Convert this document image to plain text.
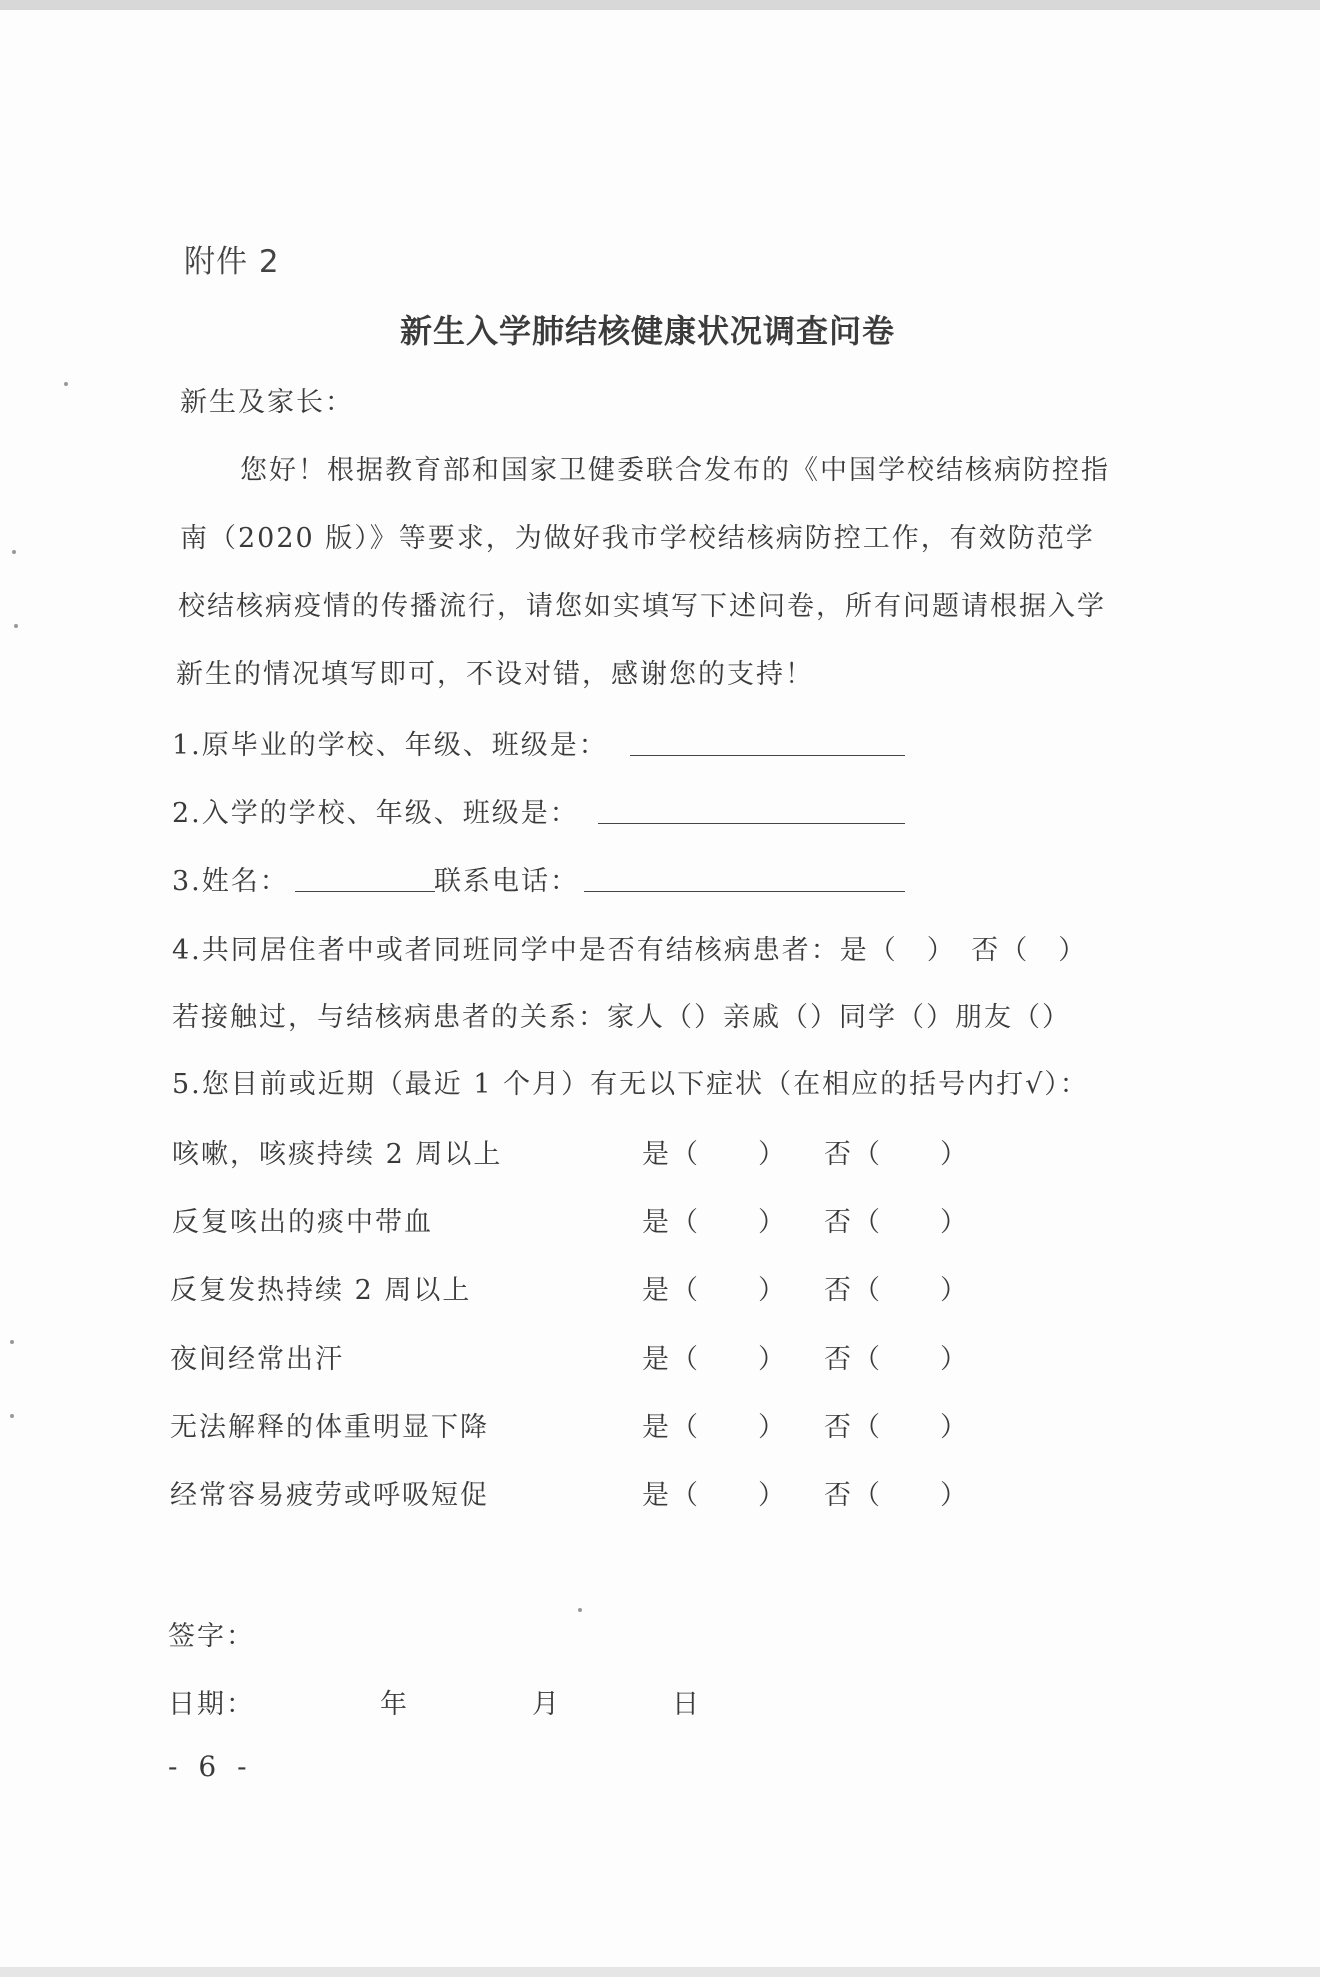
附件 2
新生入学肺结核健康状况调查问卷
新生及家长：
您好！根据教育部和国家卫健委联合发布的《中国学校结核病防控指
南（2020 版）》等要求，为做好我市学校结核病防控工作，有效防范学
校结核病疫情的传播流行，请您如实填写下述问卷，所有问题请根据入学
新生的情况填写即可，不设对错，感谢您的支持！
1.原毕业的学校、年级、班级是：
2.入学的学校、年级、班级是：
3.姓名：	联系电话：
4.共同居住者中或者同班同学中是否有结核病患者：是（　）　否（　）
若接触过，与结核病患者的关系：家人（）亲戚（）同学（）朋友（）
5.您目前或近期（最近 1 个月）有无以下症状（在相应的括号内打√）：
咳嗽，咳痰持续 2 周以上	是（　　） 否（　　）
反复咳出的痰中带血	是（　　） 否（　　）
反复发热持续 2 周以上	是（　　） 否（　　）
夜间经常出汗	是（　　） 否（　　）
无法解释的体重明显下降	是（　　） 否（　　）
经常容易疲劳或呼吸短促	是（　　） 否（　　）
签字：
日期：	年	月	日
- 6 -
